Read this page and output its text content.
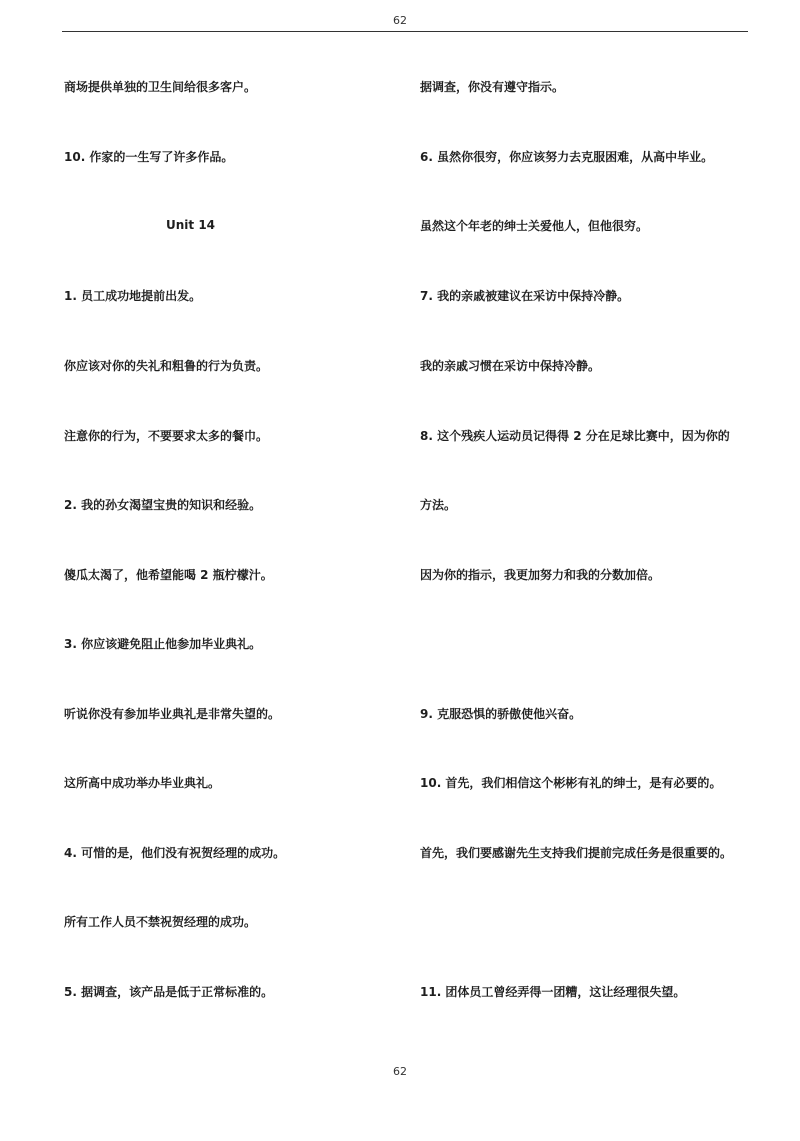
62
商场提供单独的卫生间给很多客户。
10. 作家的一生写了许多作品。
Unit 14
1. 员工成功地提前出发。
你应该对你的失礼和粗鲁的行为负责。
注意你的行为，不要要求太多的餐巾。
2. 我的孙女渴望宝贵的知识和经验。
傻瓜太渴了，他希望能喝 2 瓶柠檬汁。
3. 你应该避免阻止他参加毕业典礼。
听说你没有参加毕业典礼是非常失望的。
这所高中成功举办毕业典礼。
4. 可惜的是，他们没有祝贺经理的成功。
所有工作人员不禁祝贺经理的成功。
5. 据调查，该产品是低于正常标准的。
据调查，你没有遵守指示。
6. 虽然你很穷，你应该努力去克服困难，从高中毕业。
虽然这个年老的绅士关爱他人，但他很穷。
7. 我的亲戚被建议在采访中保持冷静。
我的亲戚习惯在采访中保持冷静。
8. 这个残疾人运动员记得得 2 分在足球比赛中，因为你的
方法。
因为你的指示，我更加努力和我的分数加倍。
9. 克服恐惧的骄傲使他兴奋。
10. 首先，我们相信这个彬彬有礼的绅士，是有必要的。
首先，我们要感谢先生支持我们提前完成任务是很重要的。
11. 团体员工曾经弄得一团糟，这让经理很失望。
62
